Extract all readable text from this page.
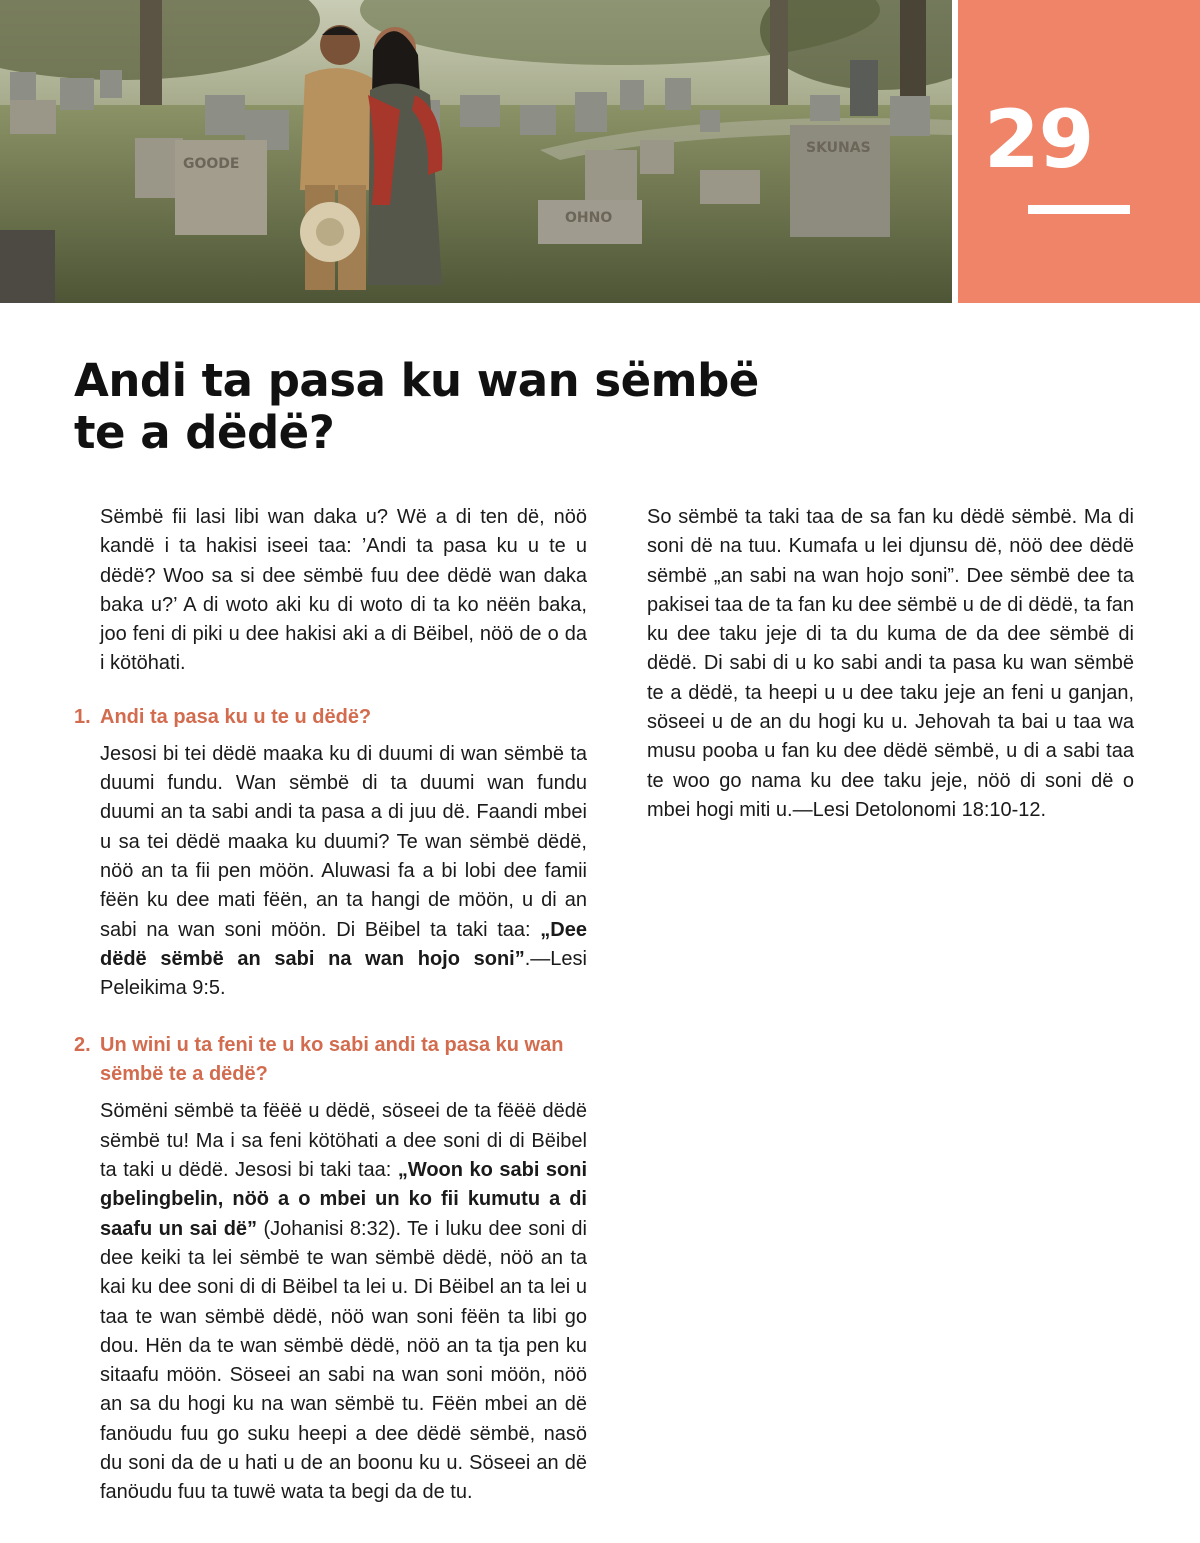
GOODE
SKUNAS
OHNO
29
Andi ta pasa ku wan sëmbë
te a dëdë?

Sëmbë fii lasi libi wan daka u? Wë a di ten dë, nöö kandë i ta hakisi iseei taa: ’Andi ta pasa ku u te u dëdë? Woo sa si dee sëmbë fuu dee dëdë wan daka baka u?’ A di woto aki ku di woto di ta ko nëën baka, joo feni di piki u dee hakisi aki a di Bëibel, nöö de o da i kötöhati.

1. Andi ta pasa ku u te u dëdë?

Jesosi bi tei dëdë maaka ku di duumi di wan sëmbë ta duumi fundu. Wan sëmbë di ta duumi wan fundu duumi an ta sabi andi ta pasa a di juu dë. Faandi mbei u sa tei dëdë maaka ku duumi? Te wan sëmbë dëdë, nöö an ta fii pen möön. Aluwasi fa a bi lobi dee famii fëën ku dee mati fëën, an ta hangi de möön, u di an sabi na wan soni möön. Di Bëibel ta taki taa: „Dee dëdë sëmbë an sabi na wan hojo soni”.—Lesi Peleikima 9:5.

2. Un wini u ta feni te u ko sabi andi ta pasa ku wan sëmbë te a dëdë?

Sömëni sëmbë ta fëëë u dëdë, söseei de ta fëëë dëdë sëmbë tu! Ma i sa feni kötöhati a dee soni di di Bëibel ta taki u dëdë. Jesosi bi taki taa: „Woon ko sabi soni gbelingbelin, nöö a o mbei un ko fii kumutu a di saafu un sai dë” (Johanisi 8:32). Te i luku dee soni di dee keiki ta lei sëmbë te wan sëmbë dëdë, nöö an ta kai ku dee soni di di Bëibel ta lei u. Di Bëibel an ta lei u taa te wan sëmbë dëdë, nöö wan soni fëën ta libi go dou. Hën da te wan sëmbë dëdë, nöö an ta tja pen ku sitaafu möön. Söseei an sabi na wan soni möön, nöö an sa du hogi ku na wan sëmbë tu. Fëën mbei an dë fanöudu fuu go suku heepi a dee dëdë sëmbë, nasö du soni da de u hati u de an boonu ku u. Söseei an dë fanöudu fuu ta tuwë wata ta begi da de tu.

So sëmbë ta taki taa de sa fan ku dëdë sëmbë. Ma di soni dë na tuu. Kumafa u lei djunsu dë, nöö dee dëdë sëmbë „an sabi na wan hojo soni”. Dee sëmbë dee ta pakisei taa de ta fan ku dee sëmbë u de di dëdë, ta fan ku dee taku jeje di ta du kuma de da dee sëmbë di dëdë. Di sabi di u ko sabi andi ta pasa ku wan sëmbë te a dëdë, ta heepi u u dee taku jeje an feni u ganjan, söseei u de an du hogi ku u. Jehovah ta bai u taa wa musu pooba u fan ku dee dëdë sëmbë, u di a sabi taa te woo go nama ku dee taku jeje, nöö di soni dë o mbei hogi miti u.—Lesi Detolonomi 18:10-12.
